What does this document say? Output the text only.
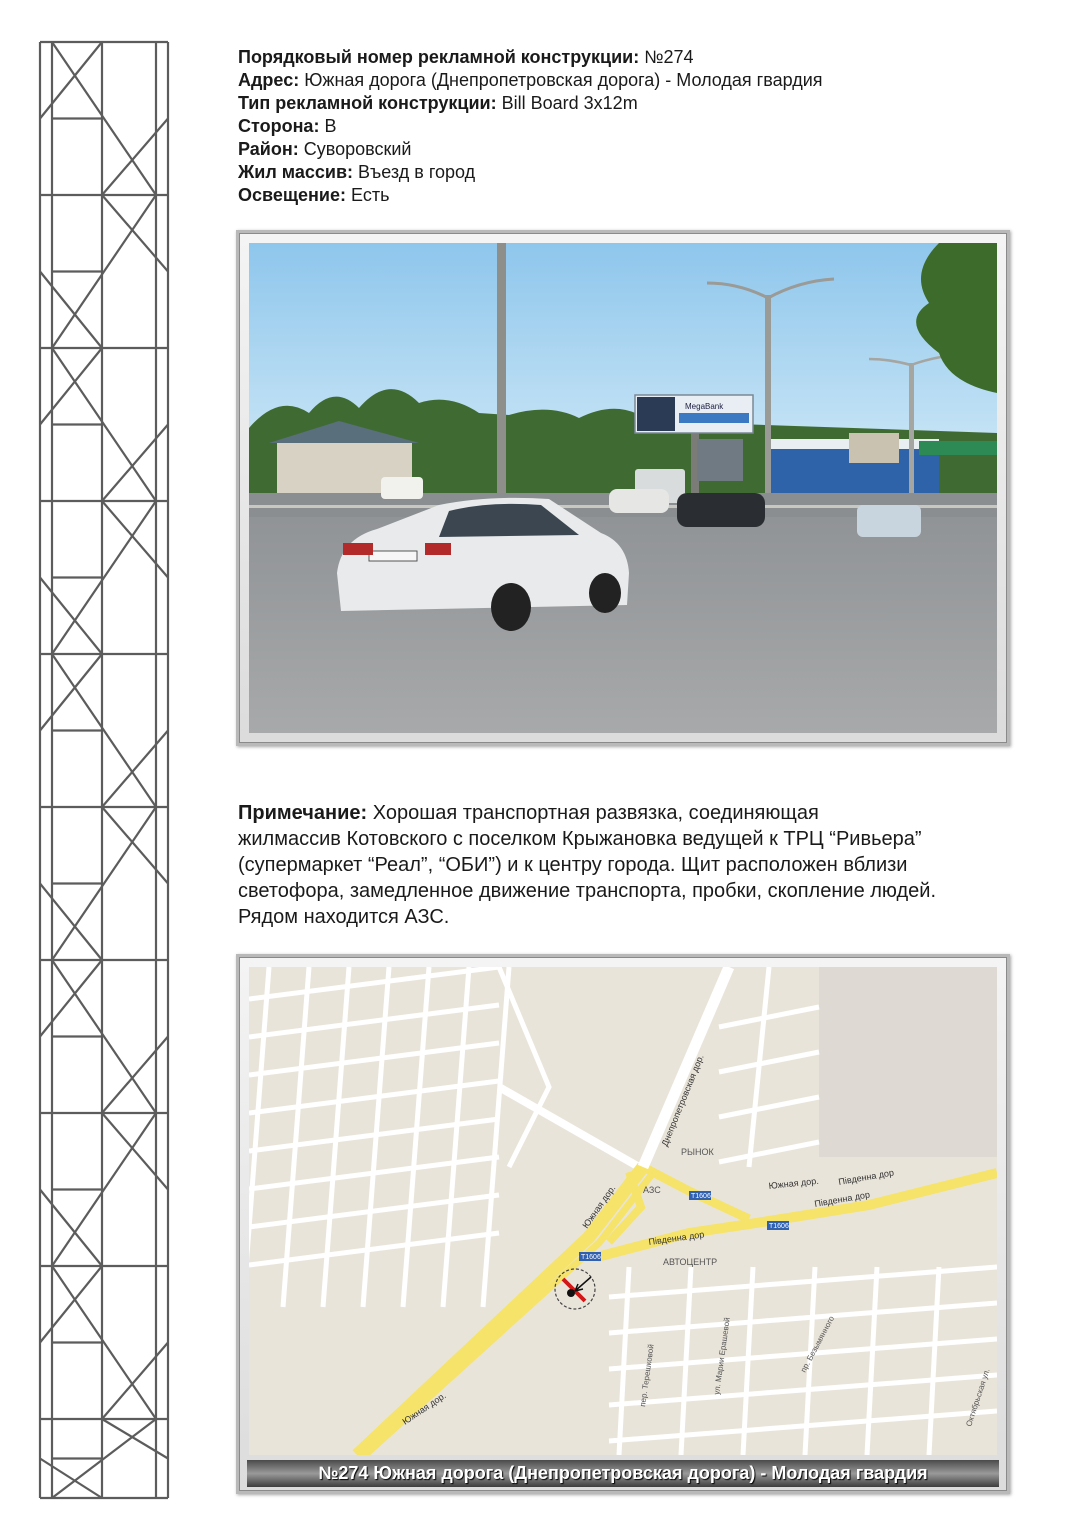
Порядковый номер рекламной конструкции: №274
Адрес: Южная дорога (Днепропетровская дорога) - Молодая гвардия
Тип рекламной конструкции: Bill Board 3x12m
Сторона: B
Район: Суворовский
Жил массив: Въезд в город
Освещение: Есть
MegaBank
Примечание: Хорошая транспортная развязка, соединяющая
жилмассив Котовского с поселком Крыжановка ведущей к ТРЦ “Ривьера”
(супермаркет “Реал”, “ОБИ”) и к центру города. Щит расположен вблизи
светофора, замедленное движение транспорта, пробки, скопление людей.
Рядом находится АЗС.
Днепропетровская дор.
Южная дор.	Южная дор.
Южная дор.
Південна дор
Південна дор
Південна дор
РЫНОК
АЗС
АВТОЦЕНТР
T1606
T1606
T1606
пер. Терешковой	ул. Марии Ерашевой	пр. Безымянного
Октябрьская ул.
№274 Южная дорога (Днепропетровская дорога) - Молодая гвардия
